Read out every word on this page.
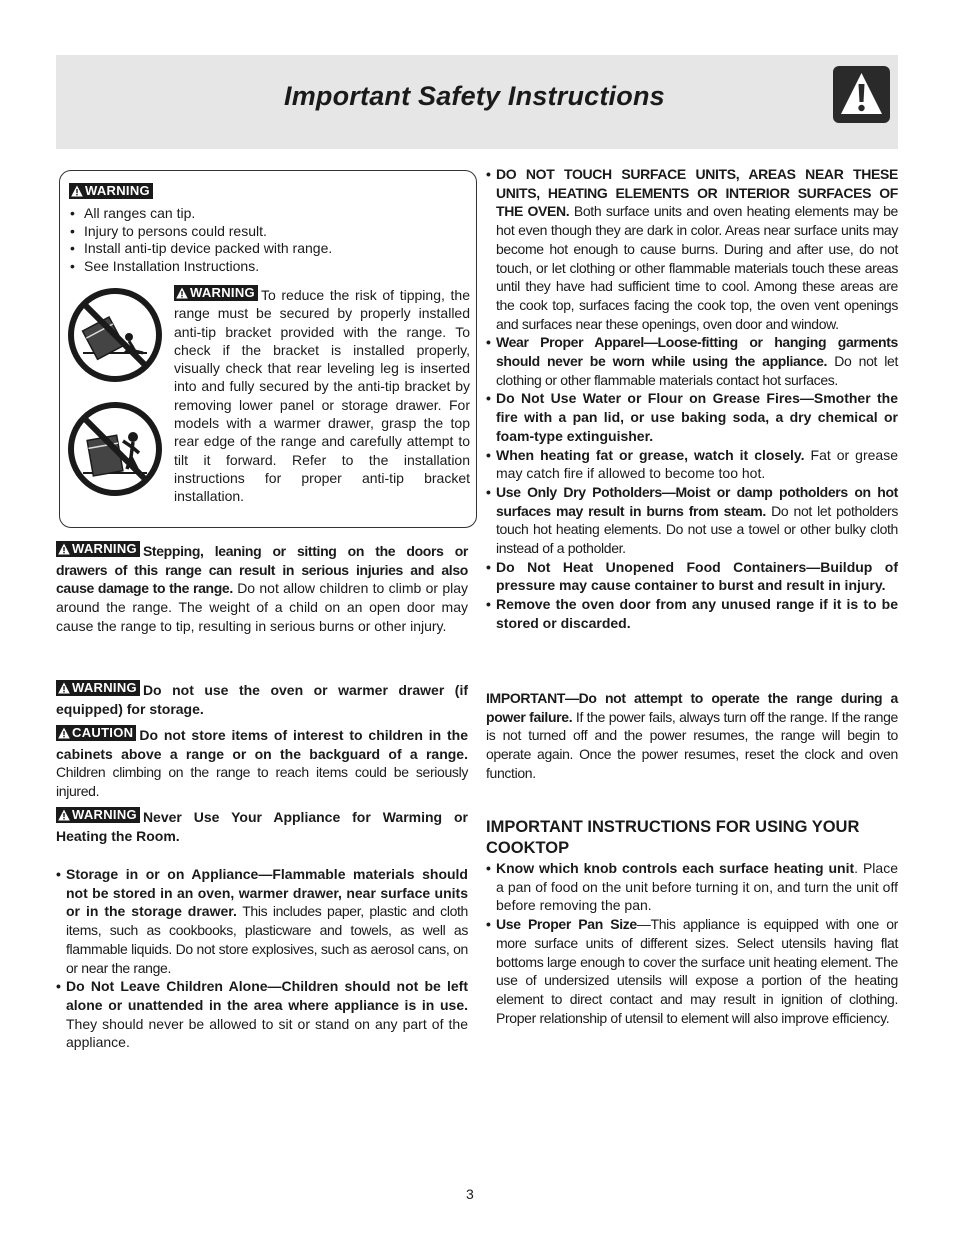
Important Safety Instructions
WARNING
• All ranges can tip.
• Injury to persons could result.
• Install anti-tip device packed with range.
• See Installation Instructions.
WARNING To reduce the risk of tipping, the range must be secured by properly installed anti-tip bracket provided with the range. To check if the bracket is installed properly, visually check that rear leveling leg is inserted into and fully secured by the anti-tip bracket by removing lower panel or storage drawer. For models with a warmer drawer, grasp the top rear edge of the range and carefully attempt to tilt it forward. Refer to the installation instructions for proper anti-tip bracket installation.

WARNING Stepping, leaning or sitting on the doors or drawers of this range can result in serious injuries and also cause damage to the range. Do not allow children to climb or play around the range. The weight of a child on an open door may cause the range to tip, resulting in serious burns or other injury.

WARNING Do not use the oven or warmer drawer (if equipped) for storage.

CAUTION Do not store items of interest to children in the cabinets above a range or on the backguard of a range. Children climbing on the range to reach items could be seriously injured.

WARNING Never Use Your Appliance for Warming or Heating the Room.

• Storage in or on Appliance—Flammable materials should not be stored in an oven, warmer drawer, near surface units or in the storage drawer. This includes paper, plastic and cloth items, such as cookbooks, plasticware and towels, as well as flammable liquids. Do not store explosives, such as aerosol cans, on or near the range.

• Do Not Leave Children Alone—Children should not be left alone or unattended in the area where appliance is in use. They should never be allowed to sit or stand on any part of the appliance.

• DO NOT TOUCH SURFACE UNITS, AREAS NEAR THESE UNITS, HEATING ELEMENTS OR INTERIOR SURFACES OF THE OVEN. Both surface units and oven heating elements may be hot even though they are dark in color. Areas near surface units may become hot enough to cause burns. During and after use, do not touch, or let clothing or other flammable materials touch these areas until they have had sufficient time to cool. Among these areas are the cook top, surfaces facing the cook top, the oven vent openings and surfaces near these openings, oven door and window.

• Wear Proper Apparel—Loose-fitting or hanging garments should never be worn while using the appliance. Do not let clothing or other flammable materials contact hot surfaces.

• Do Not Use Water or Flour on Grease Fires—Smother the fire with a pan lid, or use baking soda, a dry chemical or foam-type extinguisher.

• When heating fat or grease, watch it closely. Fat or grease may catch fire if allowed to become too hot.

• Use Only Dry Potholders—Moist or damp potholders on hot surfaces may result in burns from steam. Do not let potholders touch hot heating elements. Do not use a towel or other bulky cloth instead of a potholder.

• Do Not Heat Unopened Food Containers—Buildup of pressure may cause container to burst and result in injury.

• Remove the oven door from any unused range if it is to be stored or discarded.

IMPORTANT—Do not attempt to operate the range during a power failure. If the power fails, always turn off the range. If the range is not turned off and the power resumes, the range will begin to operate again. Once the power resumes, reset the clock and oven function.

IMPORTANT INSTRUCTIONS FOR USING YOUR COOKTOP

• Know which knob controls each surface heating unit. Place a pan of food on the unit before turning it on, and turn the unit off before removing the pan.

• Use Proper Pan Size—This appliance is equipped with one or more surface units of different sizes. Select utensils having flat bottoms large enough to cover the surface unit heating element. The use of undersized utensils will expose a portion of the heating element to direct contact and may result in ignition of clothing. Proper relationship of utensil to element will also improve efficiency.

3
